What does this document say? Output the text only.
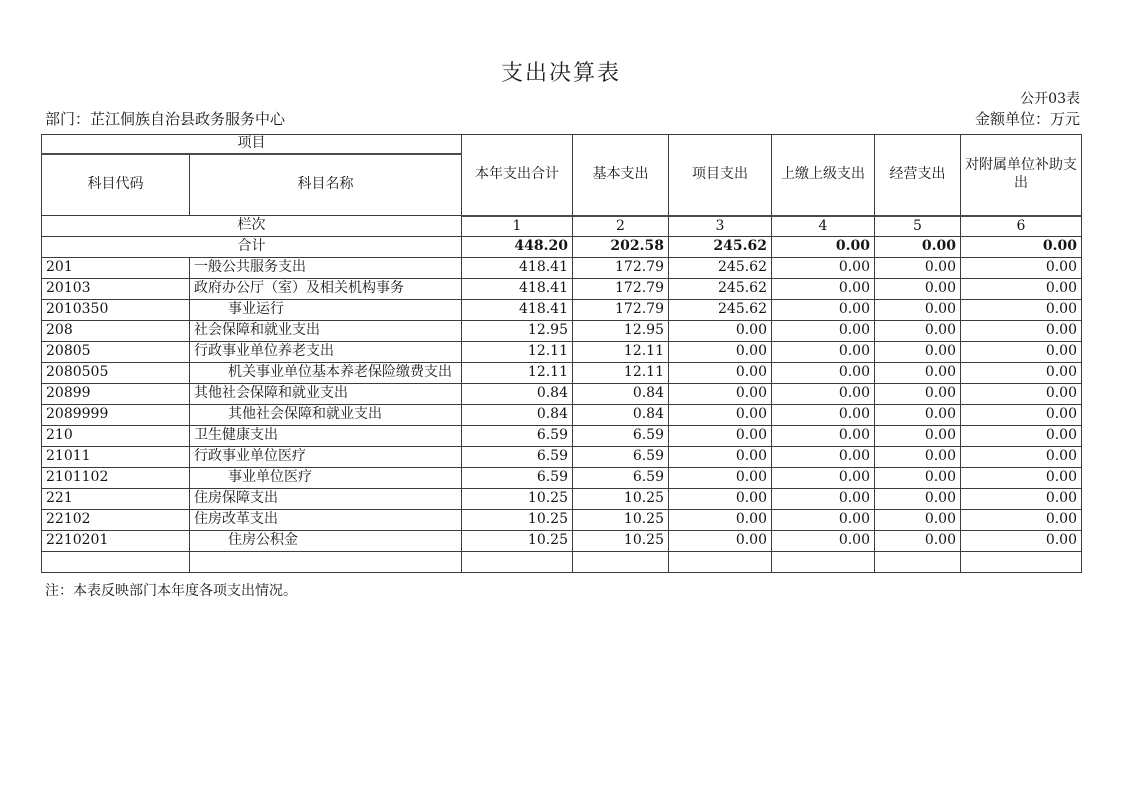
支出决算表
公开03表
部门：芷江侗族自治县政务服务中心	金额单位：万元
项目		本年支出合计	基本支出	项目支出	上缴上级支出	经营支出	对附属单位补助支出
科目代码	科目名称						
栏次		1	2	3	4	5	6
合计		448.20	202.58	245.62	0.00	0.00	0.00
201	一般公共服务支出	418.41	172.79	245.62	0.00	0.00	0.00
20103	政府办公厅（室）及相关机构事务	418.41	172.79	245.62	0.00	0.00	0.00
2010350	事业运行	418.41	172.79	245.62	0.00	0.00	0.00
208	社会保障和就业支出	12.95	12.95	0.00	0.00	0.00	0.00
20805	行政事业单位养老支出	12.11	12.11	0.00	0.00	0.00	0.00
2080505	机关事业单位基本养老保险缴费支出	12.11	12.11	0.00	0.00	0.00	0.00
20899	其他社会保障和就业支出	0.84	0.84	0.00	0.00	0.00	0.00
2089999	其他社会保障和就业支出	0.84	0.84	0.00	0.00	0.00	0.00
210	卫生健康支出	6.59	6.59	0.00	0.00	0.00	0.00
21011	行政事业单位医疗	6.59	6.59	0.00	0.00	0.00	0.00
2101102	事业单位医疗	6.59	6.59	0.00	0.00	0.00	0.00
221	住房保障支出	10.25	10.25	0.00	0.00	0.00	0.00
22102	住房改革支出	10.25	10.25	0.00	0.00	0.00	0.00
2210201	住房公积金	10.25	10.25	0.00	0.00	0.00	0.00

注：本表反映部门本年度各项支出情况。
